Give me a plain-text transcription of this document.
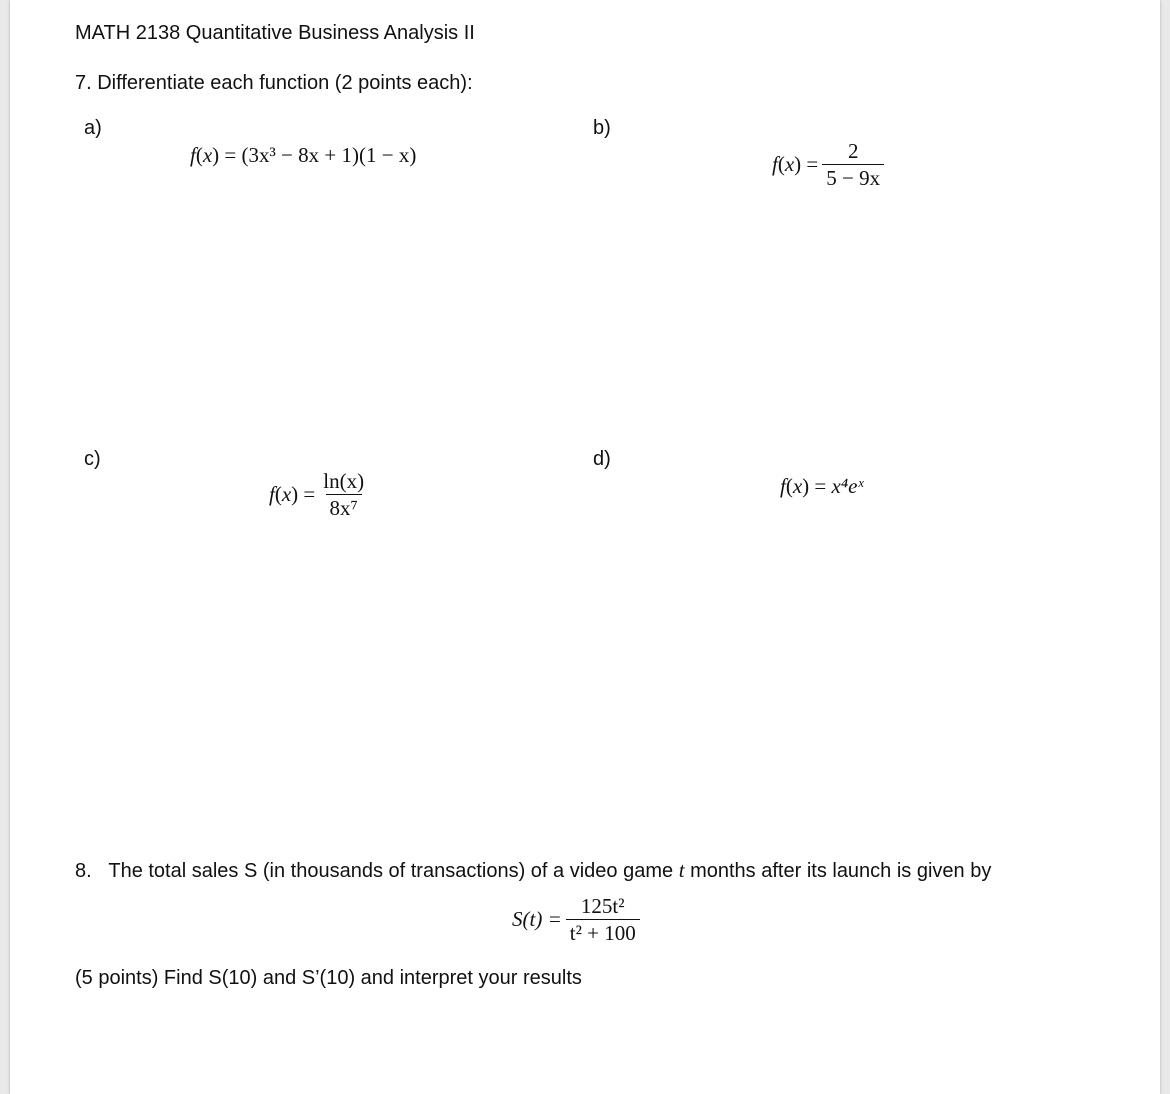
MATH 2138 Quantitative Business Analysis II
7. Differentiate each function (2 points each):
a)
f(x) = (3x³ − 8x + 1)(1 − x)
b)
$f(x) = \frac{2}{5 - 9x}$
c)
$f(x) = \frac{\ln(x)}{\text{8x⁷}}$
d)
f(x) = x⁴eˣ
8. The total sales S (in thousands of transactions) of a video game t months after its launch is given by
$S(t) = \frac{\text{125t²}}{\text{t² + 100}}$
(5 points) Find S(10) and S’(10) and interpret your results
